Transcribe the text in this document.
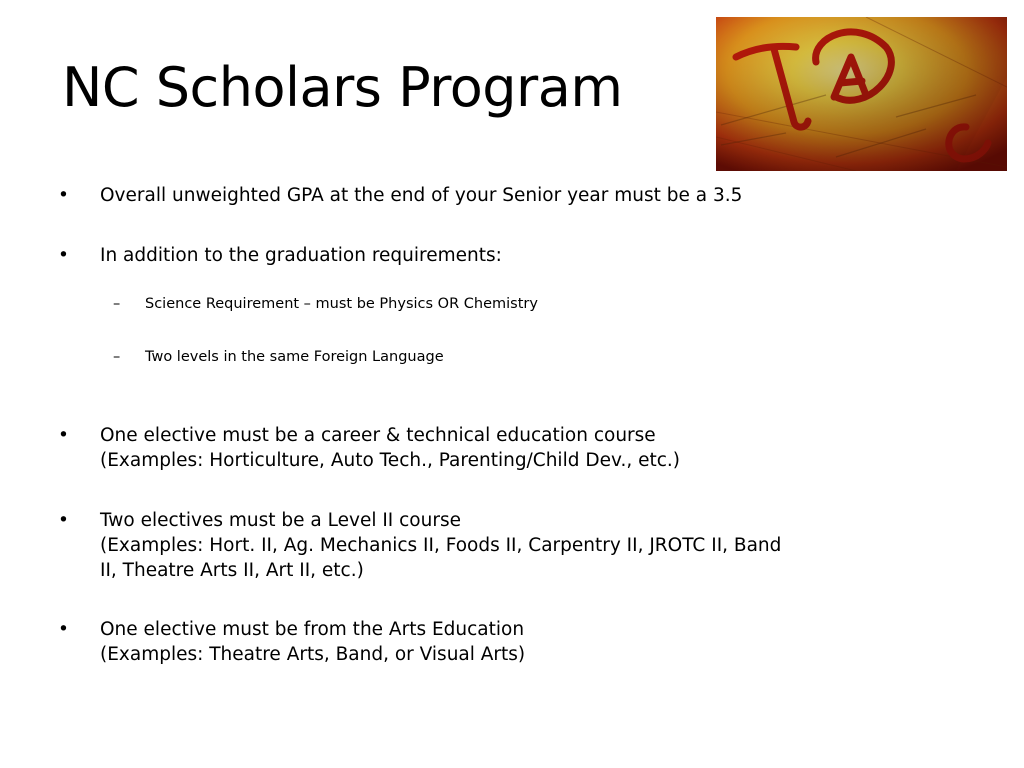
NC Scholars Program
•	Overall unweighted GPA at the end of your Senior year must be a 3.5
•	In addition to the graduation requirements:
–	Science Requirement – must be Physics OR Chemistry
–	Two levels in the same Foreign Language
•	One elective must be a career & technical education course
(Examples: Horticulture, Auto Tech., Parenting/Child Dev., etc.)
•	Two electives must be a Level II course
(Examples: Hort. II, Ag. Mechanics II, Foods II, Carpentry II, JROTC II, Band
II, Theatre Arts II, Art II, etc.)
•	One elective must be from the Arts Education
(Examples: Theatre Arts, Band, or Visual Arts)
